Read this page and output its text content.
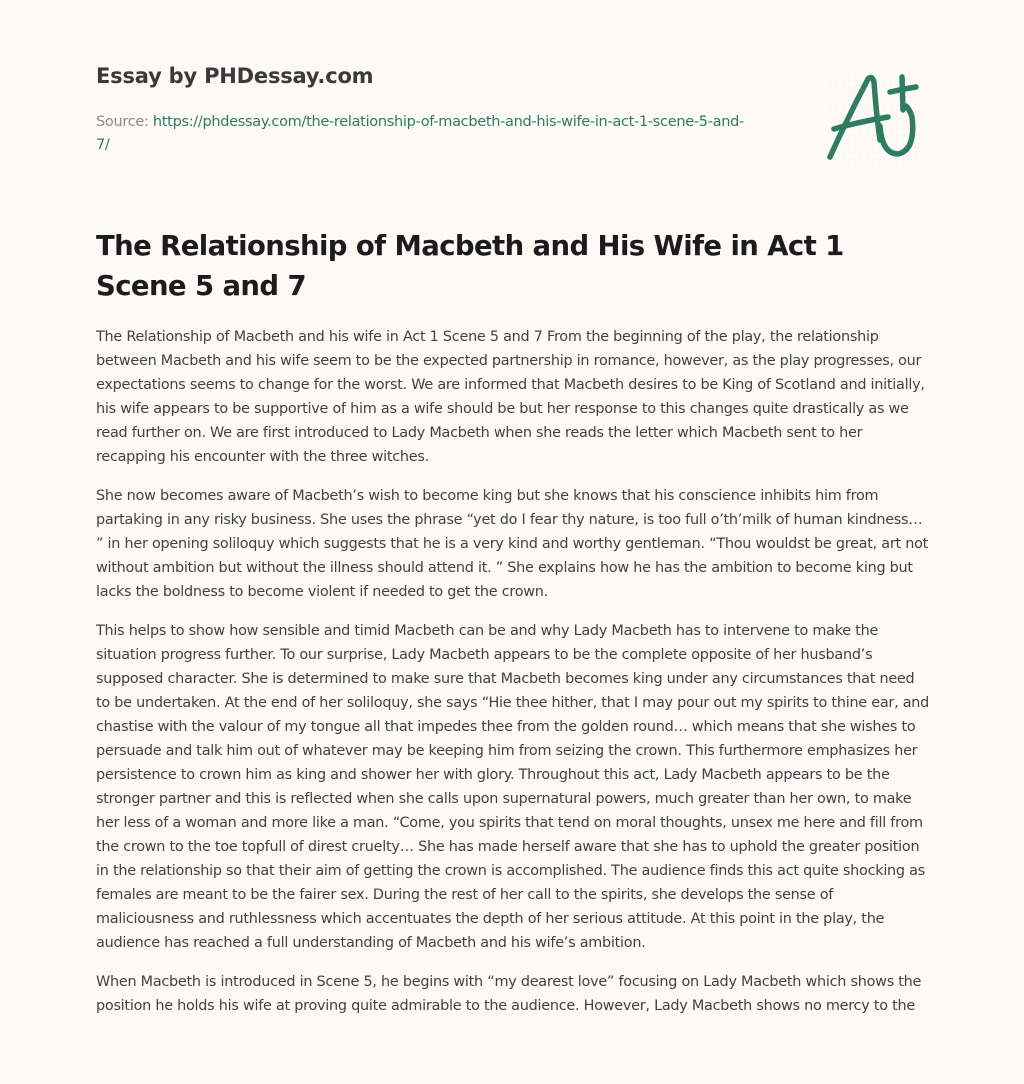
Essay by PHDessay.com
Source: https://phdessay.com/the-relationship-of-macbeth-and-his-wife-in-act-1-scene-5-and-7/
The Relationship of Macbeth and His Wife in Act 1 Scene 5 and 7

The Relationship of Macbeth and his wife in Act 1 Scene 5 and 7 From the beginning of the play, the relationship between Macbeth and his wife seem to be the expected partnership in romance, however, as the play progresses, our expectations seems to change for the worst. We are informed that Macbeth desires to be King of Scotland and initially, his wife appears to be supportive of him as a wife should be but her response to this changes quite drastically as we read further on. We are first introduced to Lady Macbeth when she reads the letter which Macbeth sent to her recapping his encounter with the three witches.

She now becomes aware of Macbeth’s wish to become king but she knows that his conscience inhibits him from partaking in any risky business. She uses the phrase “yet do I fear thy nature, is too full o’th’milk of human kindness… ” in her opening soliloquy which suggests that he is a very kind and worthy gentleman. “Thou wouldst be great, art not without ambition but without the illness should attend it. ” She explains how he has the ambition to become king but lacks the boldness to become violent if needed to get the crown.

This helps to show how sensible and timid Macbeth can be and why Lady Macbeth has to intervene to make the situation progress further. To our surprise, Lady Macbeth appears to be the complete opposite of her husband’s supposed character. She is determined to make sure that Macbeth becomes king under any circumstances that need to be undertaken. At the end of her soliloquy, she says “Hie thee hither, that I may pour out my spirits to thine ear, and chastise with the valour of my tongue all that impedes thee from the golden round… which means that she wishes to persuade and talk him out of whatever may be keeping him from seizing the crown. This furthermore emphasizes her persistence to crown him as king and shower her with glory. Throughout this act, Lady Macbeth appears to be the stronger partner and this is reflected when she calls upon supernatural powers, much greater than her own, to make her less of a woman and more like a man. “Come, you spirits that tend on moral thoughts, unsex me here and fill from the crown to the toe topfull of direst cruelty… She has made herself aware that she has to uphold the greater position in the relationship so that their aim of getting the crown is accomplished. The audience finds this act quite shocking as females are meant to be the fairer sex. During the rest of her call to the spirits, she develops the sense of maliciousness and ruthlessness which accentuates the depth of her serious attitude. At this point in the play, the audience has reached a full understanding of Macbeth and his wife’s ambition.

When Macbeth is introduced in Scene 5, he begins with “my dearest love” focusing on Lady Macbeth which shows the position he holds his wife at proving quite admirable to the audience. However, Lady Macbeth shows no mercy to the
